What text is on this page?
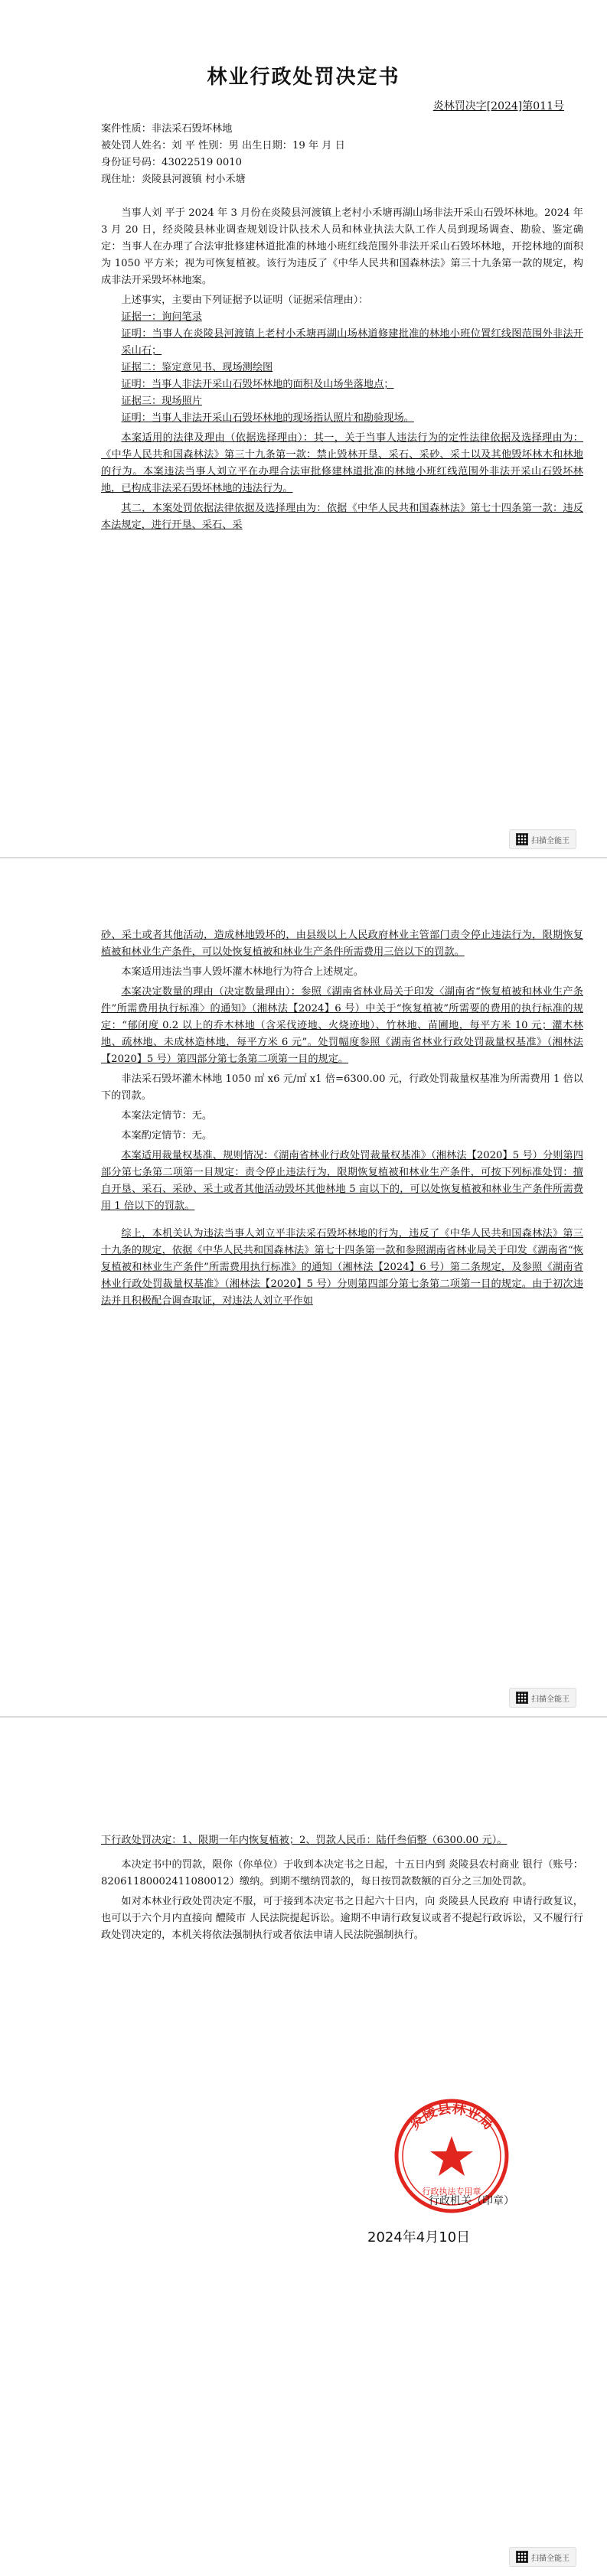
林业行政处罚决定书
炎林罚决字[2024]第011号

案件性质：非法采石毁坏林地

被处罚人姓名：刘 平 性别：男 出生日期：19 年 月 日

身份证号码：43022519 0010

现住址：炎陵县河渡镇 村小禾塘

当事人刘 平于 2024 年 3 月份在炎陵县河渡镇上老村小禾塘再湖山场非法开采山石毁坏林地。2024 年 3 月 20 日，经炎陵县林业调查规划设计队技术人员和林业执法大队工作人员到现场调查、勘验、鉴定确定：当事人在办理了合法审批修建林道批准的林地小班红线范围外非法开采山石毁坏林地，开挖林地的面积为 1050 平方米；视为可恢复植被。该行为违反了《中华人民共和国森林法》第三十九条第一款的规定，构成非法开采毁坏林地案。

上述事实，主要由下列证据予以证明（证据采信理由）：

证据一：询问笔录

证明：当事人在炎陵县河渡镇上老村小禾塘再湖山场林道修建批准的林地小班位置红线图范围外非法开采山石；

证据二：鉴定意见书、现场测绘图

证明：当事人非法开采山石毁坏林地的面积及山场坐落地点；

证据三：现场照片

证明：当事人非法开采山石毁坏林地的现场指认照片和勘验现场。

本案适用的法律及理由（依据选择理由）：其一，关于当事人违法行为的定性法律依据及选择理由为：《中华人民共和国森林法》第三十九条第一款：禁止毁林开垦、采石、采砂、采土以及其他毁坏林木和林地的行为。本案违法当事人刘立平在办理合法审批修建林道批准的林地小班红线范围外非法开采山石毁坏林地，已构成非法采石毁坏林地的违法行为。

其二，本案处罚依据法律依据及选择理由为：依据《中华人民共和国森林法》第七十四条第一款：违反本法规定，进行开垦、采石、采

扫描全能王

砂、采土或者其他活动，造成林地毁坏的，由县级以上人民政府林业主管部门责令停止违法行为，限期恢复植被和林业生产条件，可以处恢复植被和林业生产条件所需费用三倍以下的罚款。

本案适用违法当事人毁坏灌木林地行为符合上述规定。

本案决定数量的理由（决定数量理由）：参照《湖南省林业局关于印发〈湖南省“恢复植被和林业生产条件”所需费用执行标准〉的通知》（湘林法【2024】6 号）中关于“恢复植被”所需要的费用的执行标准的规定：“郁闭度 0.2 以上的乔木林地（含采伐迹地、火烧迹地）、竹林地、苗圃地，每平方米 10 元；灌木林地、疏林地、未成林造林地，每平方米 6 元”。处罚幅度参照《湖南省林业行政处罚裁量权基准》（湘林法【2020】5 号）第四部分第七条第二项第一目的规定。

非法采石毁坏灌木林地 1050 ㎡ x6 元/㎡ x1 倍=6300.00 元，行政处罚裁量权基准为所需费用 1 倍以下的罚款。

本案法定情节：无。

本案酌定情节：无。

本案适用裁量权基准、规则情况：《湖南省林业行政处罚裁量权基准》（湘林法【2020】5 号）分则第四部分第七条第二项第一目规定：责令停止违法行为，限期恢复植被和林业生产条件，可按下列标准处罚：擅自开垦、采石、采砂、采土或者其他活动毁坏其他林地 5 亩以下的，可以处恢复植被和林业生产条件所需费用 1 倍以下的罚款。

综上，本机关认为违法当事人刘立平非法采石毁坏林地的行为，违反了《中华人民共和国森林法》第三十九条的规定，依据《中华人民共和国森林法》第七十四条第一款和参照湖南省林业局关于印发《湖南省“恢复植被和林业生产条件”所需费用执行标准》的通知（湘林法【2024】6 号）第二条规定，及参照《湖南省林业行政处罚裁量权基准》（湘林法【2020】5 号）分则第四部分第七条第二项第一目的规定。由于初次违法并且积极配合调查取证，对违法人刘立平作如

扫描全能王

下行政处罚决定：1、限期一年内恢复植被；2、罚款人民币：陆仟叁佰整（6300.00 元）。

本决定书中的罚款，限你（你单位）于收到本决定书之日起，十五日内到 炎陵县农村商业 银行（账号：82061180002411080012）缴纳。到期不缴纳罚款的，每日按罚款数额的百分之三加处罚款。

如对本林业行政处罚决定不服，可于接到本决定书之日起六十日内，向 炎陵县人民政府 申请行政复议，也可以于六个月内直接向 醴陵市 人民法院提起诉讼。逾期不申请行政复议或者不提起行政诉讼，又不履行行政处罚决定的，本机关将依法强制执行或者依法申请人民法院强制执行。

扫描全能王
炎陵县林业局
行政执法专用章
行政机关（印章）
2024年4月10日
